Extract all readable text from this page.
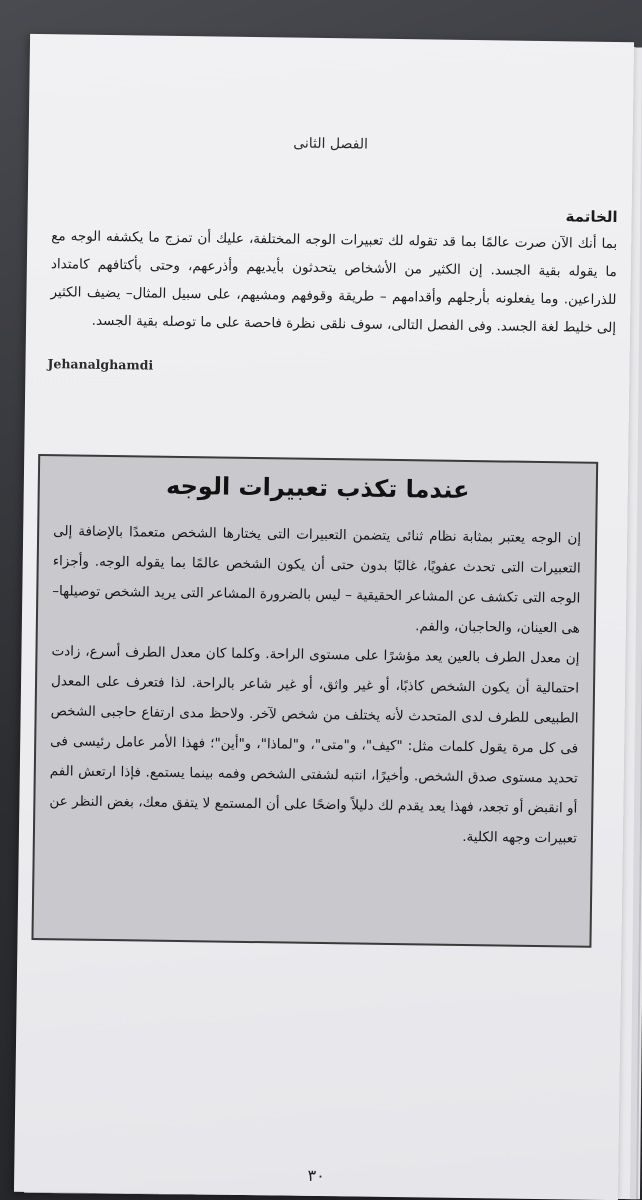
الفصل الثانى
الخاتمة

بما أنك الآن صرت عالمًا بما قد تقوله لك تعبيرات الوجه المختلفة، عليك أن تمزج ما يكشفه الوجه مع ما يقوله بقية الجسد. إن الكثير من الأشخاص يتحدثون بأيديهم وأذرعهم، وحتى بأكتافهم كامتداد للذراعين. وما يفعلونه بأرجلهم وأقدامهم – طريقة وقوفهم ومشيهم، على سبيل المثال– يضيف الكثير إلى خليط لغة الجسد. وفى الفصل التالى، سوف نلقى نظرة فاحصة على ما توصله بقية الجسد.

Jehanalghamdi
عندما تكذب تعبيرات الوجه

إن الوجه يعتبر بمثابة نظام ثنائى يتضمن التعبيرات التى يختارها الشخص متعمدًا بالإضافة إلى التعبيرات التى تحدث عفويًا، غالبًا بدون حتى أن يكون الشخص عالمًا بما يقوله الوجه. وأجزاء الوجه التى تكشف عن المشاعر الحقيقية – ليس بالضرورة المشاعر التى يريد الشخص توصيلها– هى العينان، والحاجبان، والفم.

إن معدل الطرف بالعين يعد مؤشرًا على مستوى الراحة. وكلما كان معدل الطرف أسرع، زادت احتمالية أن يكون الشخص كاذبًا، أو غير واثق، أو غير شاعر بالراحة. لذا فتعرف على المعدل الطبيعى للطرف لدى المتحدث لأنه يختلف من شخص لآخر. ولاحظ مدى ارتفاع حاجبى الشخص فى كل مرة يقول كلمات مثل: "كيف"، و"متى"، و"لماذا"، و"أين"؛ فهذا الأمر عامل رئيسى فى تحديد مستوى صدق الشخص. وأخيرًا، انتبه لشفتى الشخص وفمه بينما يستمع. فإذا ارتعش الفم أو انقبض أو تجعد، فهذا يعد يقدم لك دليلاً واضحًا على أن المستمع لا يتفق معك، بغض النظر عن تعبيرات وجهه الكلية.

٣٠
